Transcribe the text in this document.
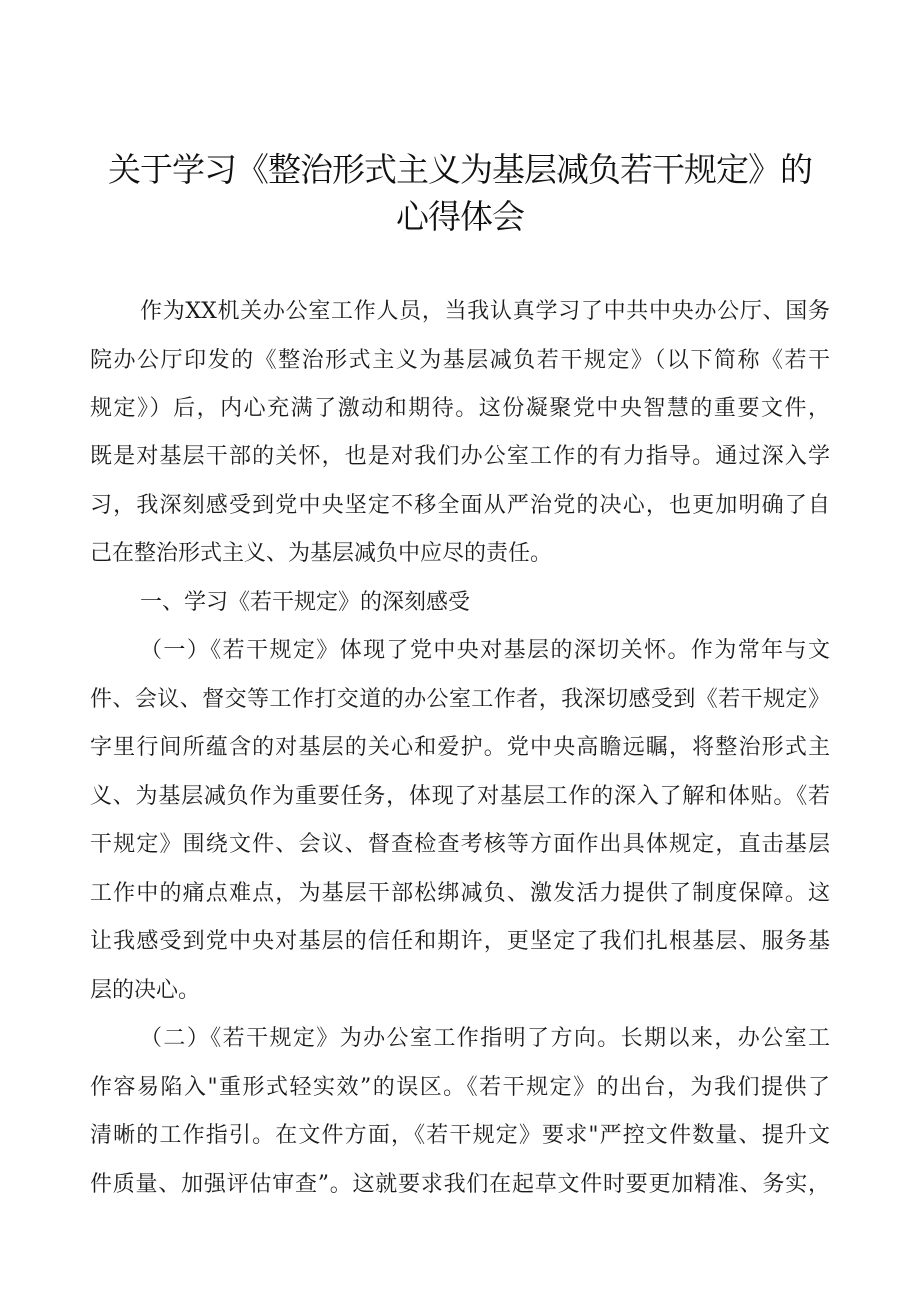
关于学习《整治形式主义为基层减负若干规定》的
心得体会
作为XX机关办公室工作人员，当我认真学习了中共中央办公厅、国务
院办公厅印发的《整治形式主义为基层减负若干规定》（以下简称《若干
规定》）后，内心充满了激动和期待。这份凝聚党中央智慧的重要文件，
既是对基层干部的关怀，也是对我们办公室工作的有力指导。通过深入学
习，我深刻感受到党中央坚定不移全面从严治党的决心，也更加明确了自
己在整治形式主义、为基层减负中应尽的责任。
一、学习《若干规定》的深刻感受
（一）《若干规定》体现了党中央对基层的深切关怀。作为常年与文
件、会议、督交等工作打交道的办公室工作者，我深切感受到《若干规定》
字里行间所蕴含的对基层的关心和爱护。党中央高瞻远瞩，将整治形式主
义、为基层减负作为重要任务，体现了对基层工作的深入了解和体贴。《若
干规定》围绕文件、会议、督查检查考核等方面作出具体规定，直击基层
工作中的痛点难点，为基层干部松绑减负、激发活力提供了制度保障。这
让我感受到党中央对基层的信任和期许，更坚定了我们扎根基层、服务基
层的决心。
（二）《若干规定》为办公室工作指明了方向。长期以来，办公室工
作容易陷入"重形式轻实效”的误区。《若干规定》的出台，为我们提供了
清晰的工作指引。在文件方面，《若干规定》要求"严控文件数量、提升文
件质量、加强评估审查”。这就要求我们在起草文件时要更加精准、务实，
